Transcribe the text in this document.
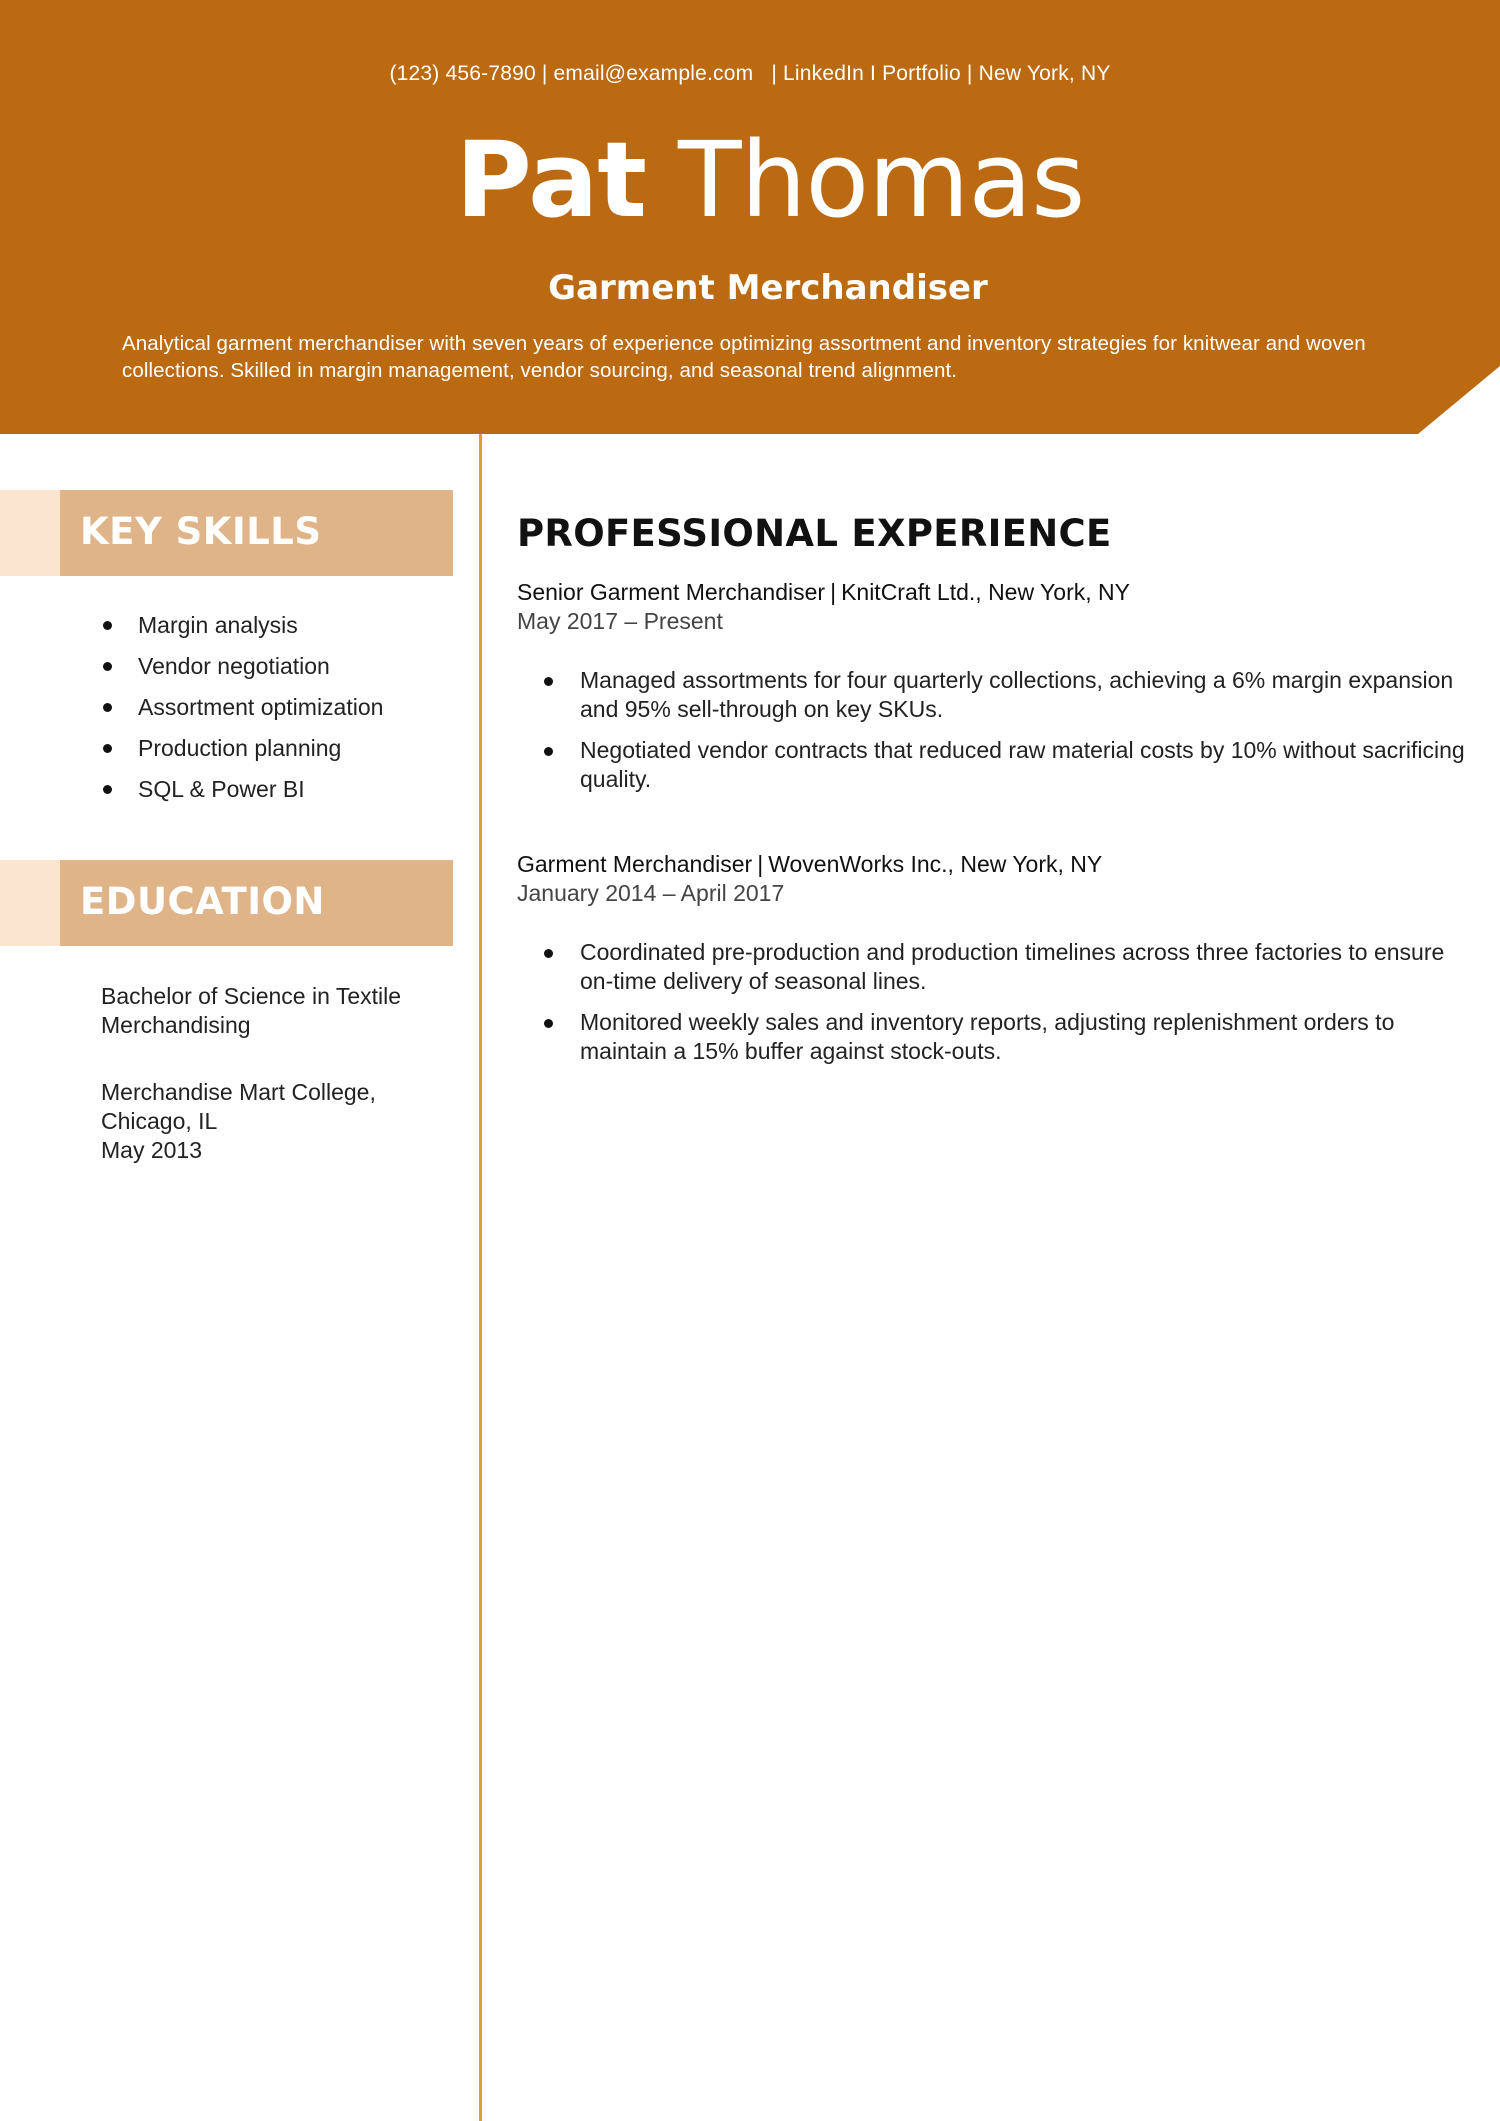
(123) 456-7890 | email@example.com | LinkedIn I Portfolio | New York, NY
Pat Thomas
Garment Merchandiser
Analytical garment merchandiser with seven years of experience optimizing assortment and inventory strategies for knitwear and woven collections. Skilled in margin management, vendor sourcing, and seasonal trend alignment.
KEY SKILLS
Margin analysis
Vendor negotiation
Assortment optimization
Production planning
SQL & Power BI
EDUCATION
Bachelor of Science in Textile Merchandising
Merchandise Mart College,
Chicago, IL
May 2013
PROFESSIONAL EXPERIENCE
Senior Garment Merchandiser | KnitCraft Ltd., New York, NY
May 2017 – Present
Managed assortments for four quarterly collections, achieving a 6% margin expansion and 95% sell-through on key SKUs.
Negotiated vendor contracts that reduced raw material costs by 10% without sacrificing quality.
Garment Merchandiser | WovenWorks Inc., New York, NY
January 2014 – April 2017
Coordinated pre-production and production timelines across three factories to ensure on-time delivery of seasonal lines.
Monitored weekly sales and inventory reports, adjusting replenishment orders to maintain a 15% buffer against stock-outs.
